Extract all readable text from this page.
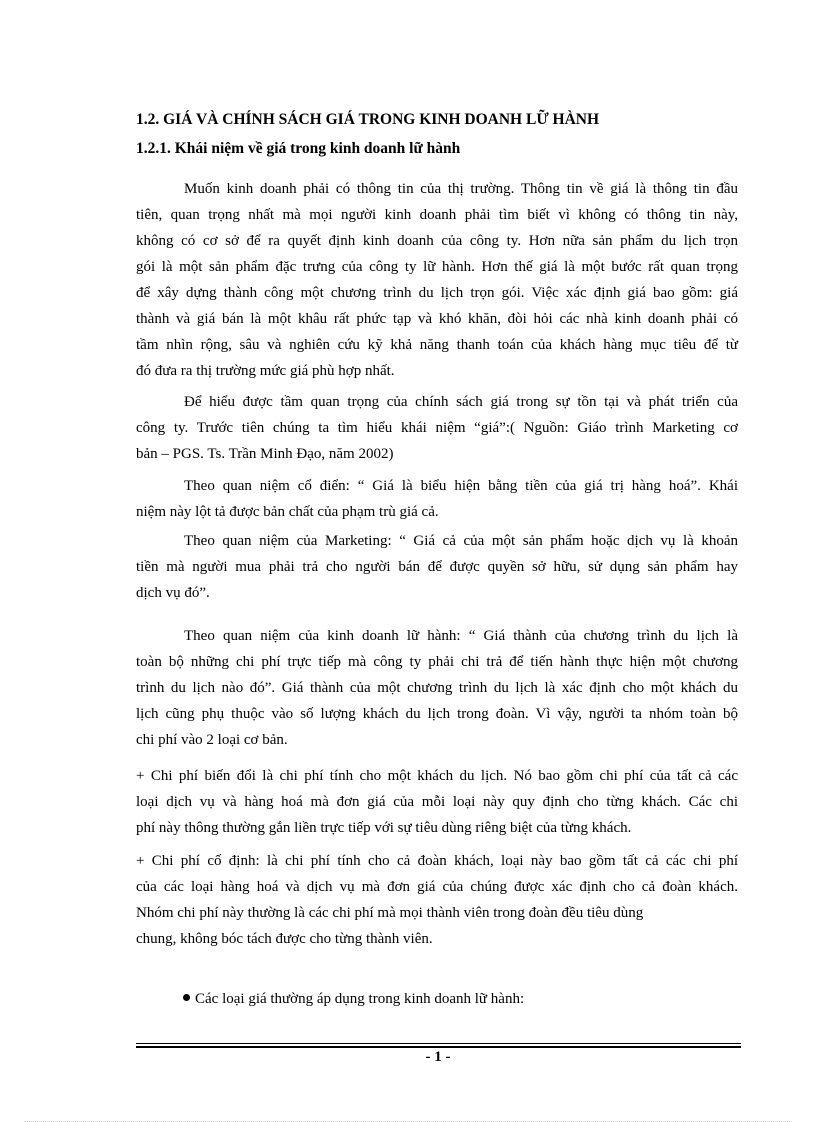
1.2. GIÁ VÀ CHÍNH SÁCH GIÁ TRONG KINH DOANH LỮ HÀNH
1.2.1. Khái niệm về giá trong kinh doanh lữ hành
Muốn kinh doanh phải có thông tin của thị trường. Thông tin về giá là thông tin đầu
tiên, quan trọng nhất mà mọi người kinh doanh phải tìm biết vì không có thông tin này,
không có cơ sở để ra quyết định kinh doanh của công ty. Hơn nữa sản phẩm du lịch trọn
gói là một sản phẩm đặc trưng của công ty lữ hành. Hơn thế giá là một bước rất quan trọng
để xây dựng thành công một chương trình du lịch trọn gói. Việc xác định giá bao gồm: giá
thành và giá bán là một khâu rất phức tạp và khó khăn, đòi hỏi các nhà kinh doanh phải có
tầm nhìn rộng, sâu và nghiên cứu kỹ khả năng thanh toán của khách hàng mục tiêu để từ
đó đưa ra thị trường mức giá phù hợp nhất.
Để hiểu được tầm quan trọng của chính sách giá trong sự tồn tại và phát triển của
công ty. Trước tiên chúng ta tìm hiểu khái niệm “giá”:( Nguồn: Giáo trình Marketing cơ
bản – PGS. Ts. Trần Minh Đạo, năm 2002)
Theo quan niệm cổ điển: “ Giá là biểu hiện bằng tiền của giá trị hàng hoá”. Khái
niệm này lột tả được bản chất của phạm trù giá cả.
Theo quan niệm của Marketing: “ Giá cả của một sản phẩm hoặc dịch vụ là khoản
tiền mà người mua phải trả cho người bán để được quyền sở hữu, sử dụng sản phẩm hay
dịch vụ đó”.
Theo quan niệm của kinh doanh lữ hành: “ Giá thành của chương trình du lịch là
toàn bộ những chi phí trực tiếp mà công ty phải chi trả để tiến hành thực hiện một chương
trình du lịch nào đó”. Giá thành của một chương trình du lịch là xác định cho một khách du
lịch cũng phụ thuộc vào số lượng khách du lịch trong đoàn. Vì vậy, người ta nhóm toàn bộ
chi phí vào 2 loại cơ bản.
+ Chi phí biến đổi là chi phí tính cho một khách du lịch. Nó bao gồm chi phí của tất cả các
loại dịch vụ và hàng hoá mà đơn giá của mỗi loại này quy định cho từng khách. Các chi
phí này thông thường gắn liền trực tiếp với sự tiêu dùng riêng biệt của từng khách.
+ Chi phí cố định: là chi phí tính cho cả đoàn khách, loại này bao gồm tất cả các chi phí
của các loại hàng hoá và dịch vụ mà đơn giá của chúng được xác định cho cả đoàn khách.
Nhóm chi phí này thường là các chi phí mà mọi thành viên trong đoàn đều tiêu dùng
chung, không bóc tách được cho từng thành viên.
Các loại giá thường áp dụng trong kinh doanh lữ hành:
- 1 -
